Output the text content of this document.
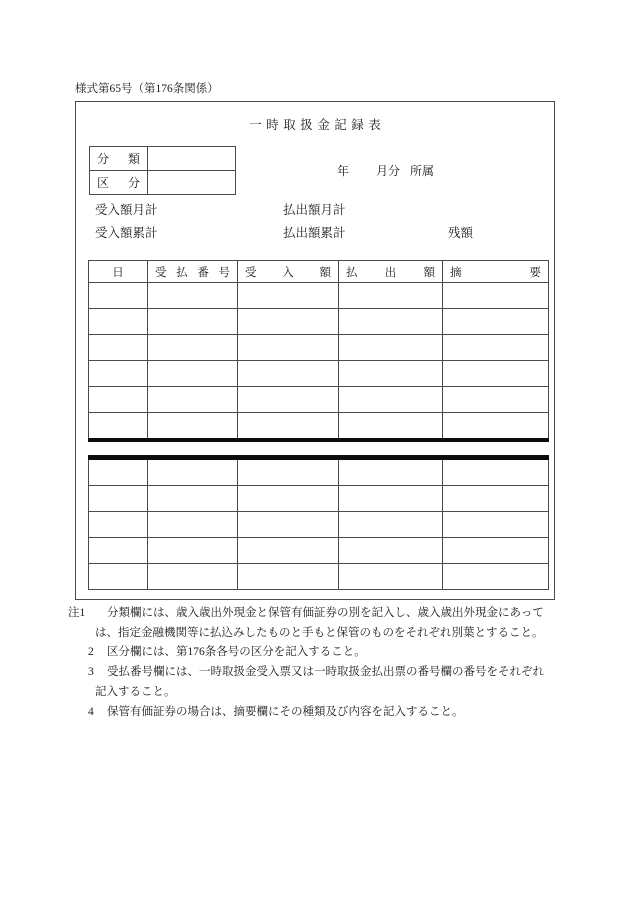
様式第65号（第176条関係）
一時取扱金記録表
分 類	

区 分	

年 月分 所属
受入額月計	払出額月計
受入額累計	払出額累計	残額
日	受 払 番 号	受 入 額	払 出 額	摘 要

注1 分類欄には、歳入歳出外現金と保管有価証券の別を記入し、歳入歳出外現金にあって
は、指定金融機関等に払込みしたものと手もと保管のものをそれぞれ別葉とすること。
2 区分欄には、第176条各号の区分を記入すること。
3 受払番号欄には、一時取扱金受入票又は一時取扱金払出票の番号欄の番号をそれぞれ
記入すること。
4 保管有価証券の場合は、摘要欄にその種類及び内容を記入すること。
